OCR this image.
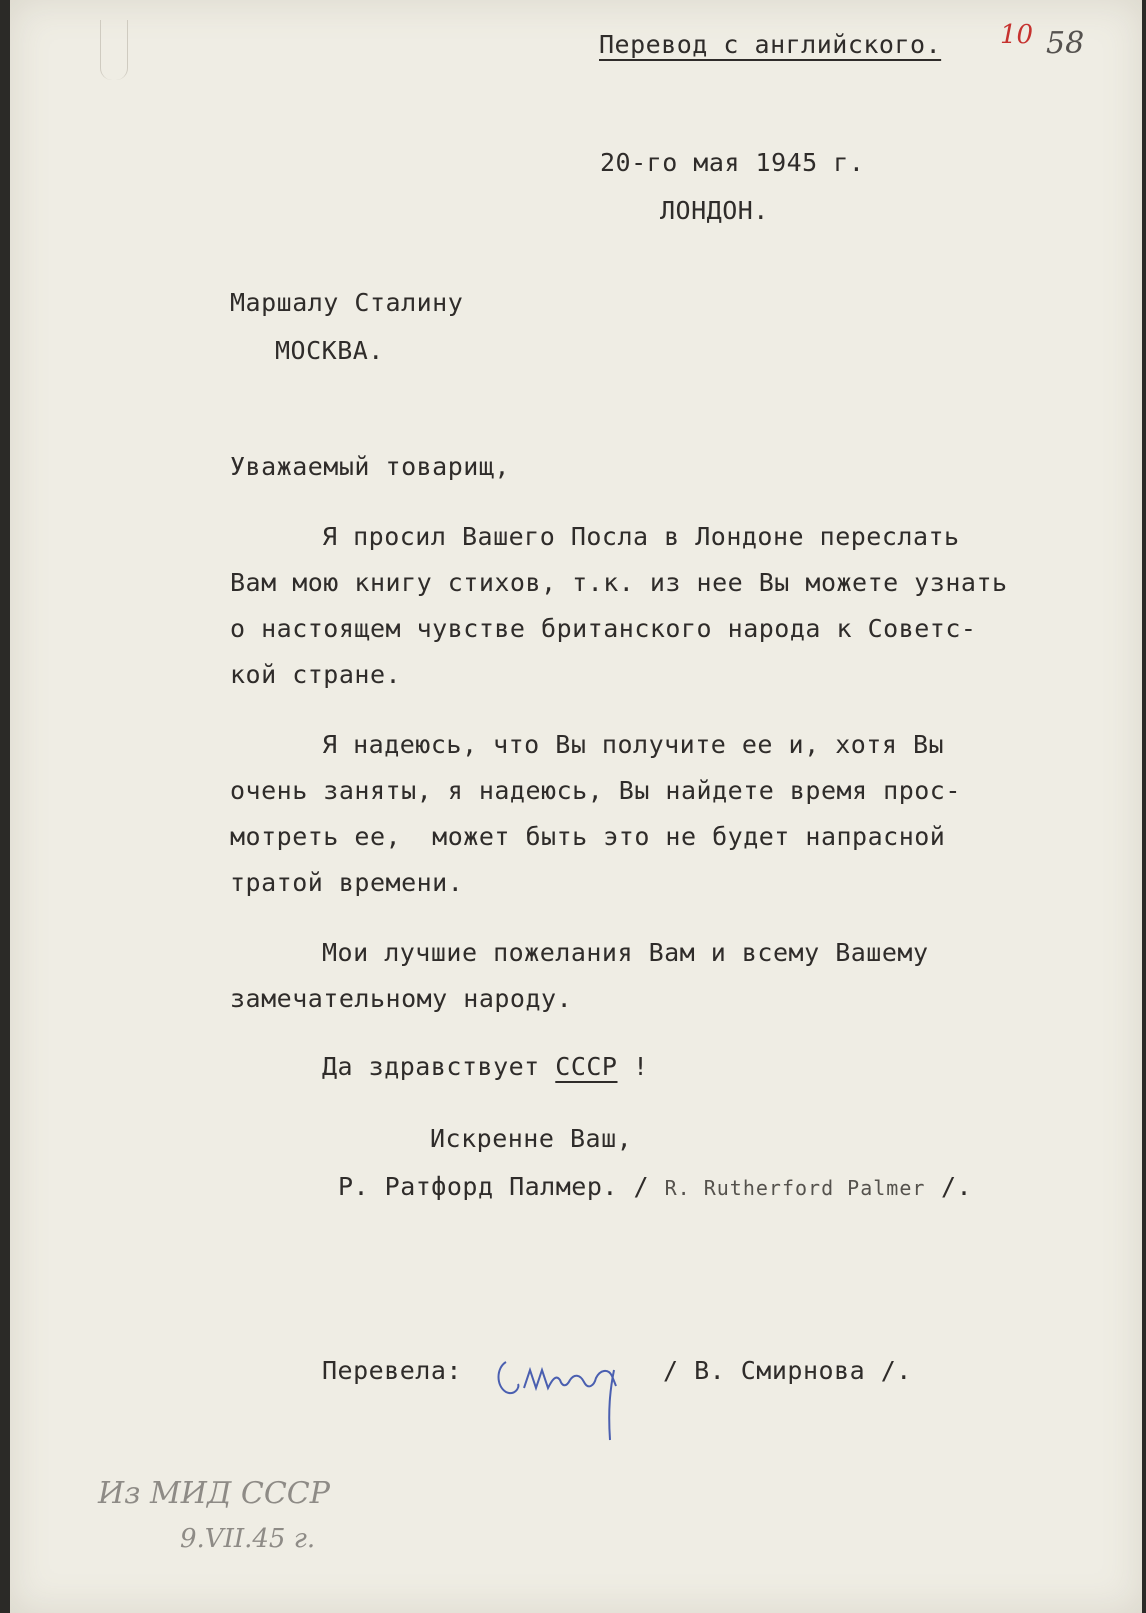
Перевод с английского. 10 58
20-го мая 1945 г.
ЛОНДОН.
Маршалу Сталину
МОСКВА.
Уважаемый товарищ,
Я просил Вашего Посла в Лондоне переслать
Вам мою книгу стихов, т.к. из нее Вы можете узнать
о настоящем чувстве британского народа к Советс-
кой стране.
Я надеюсь, что Вы получите ее и, хотя Вы
очень заняты, я надеюсь, Вы найдете время прос-
мотреть ее,  может быть это не будет напрасной
тратой времени.
Мои лучшие пожелания Вам и всему Вашему
замечательному народу.
Да здравствует СССР !
Искренне Ваш,
Р. Ратфорд Палмер. / R. Rutherford Palmer /.
Перевела:	/ В. Смирнова /.
Из МИД СССР
9.VII.45 г.
